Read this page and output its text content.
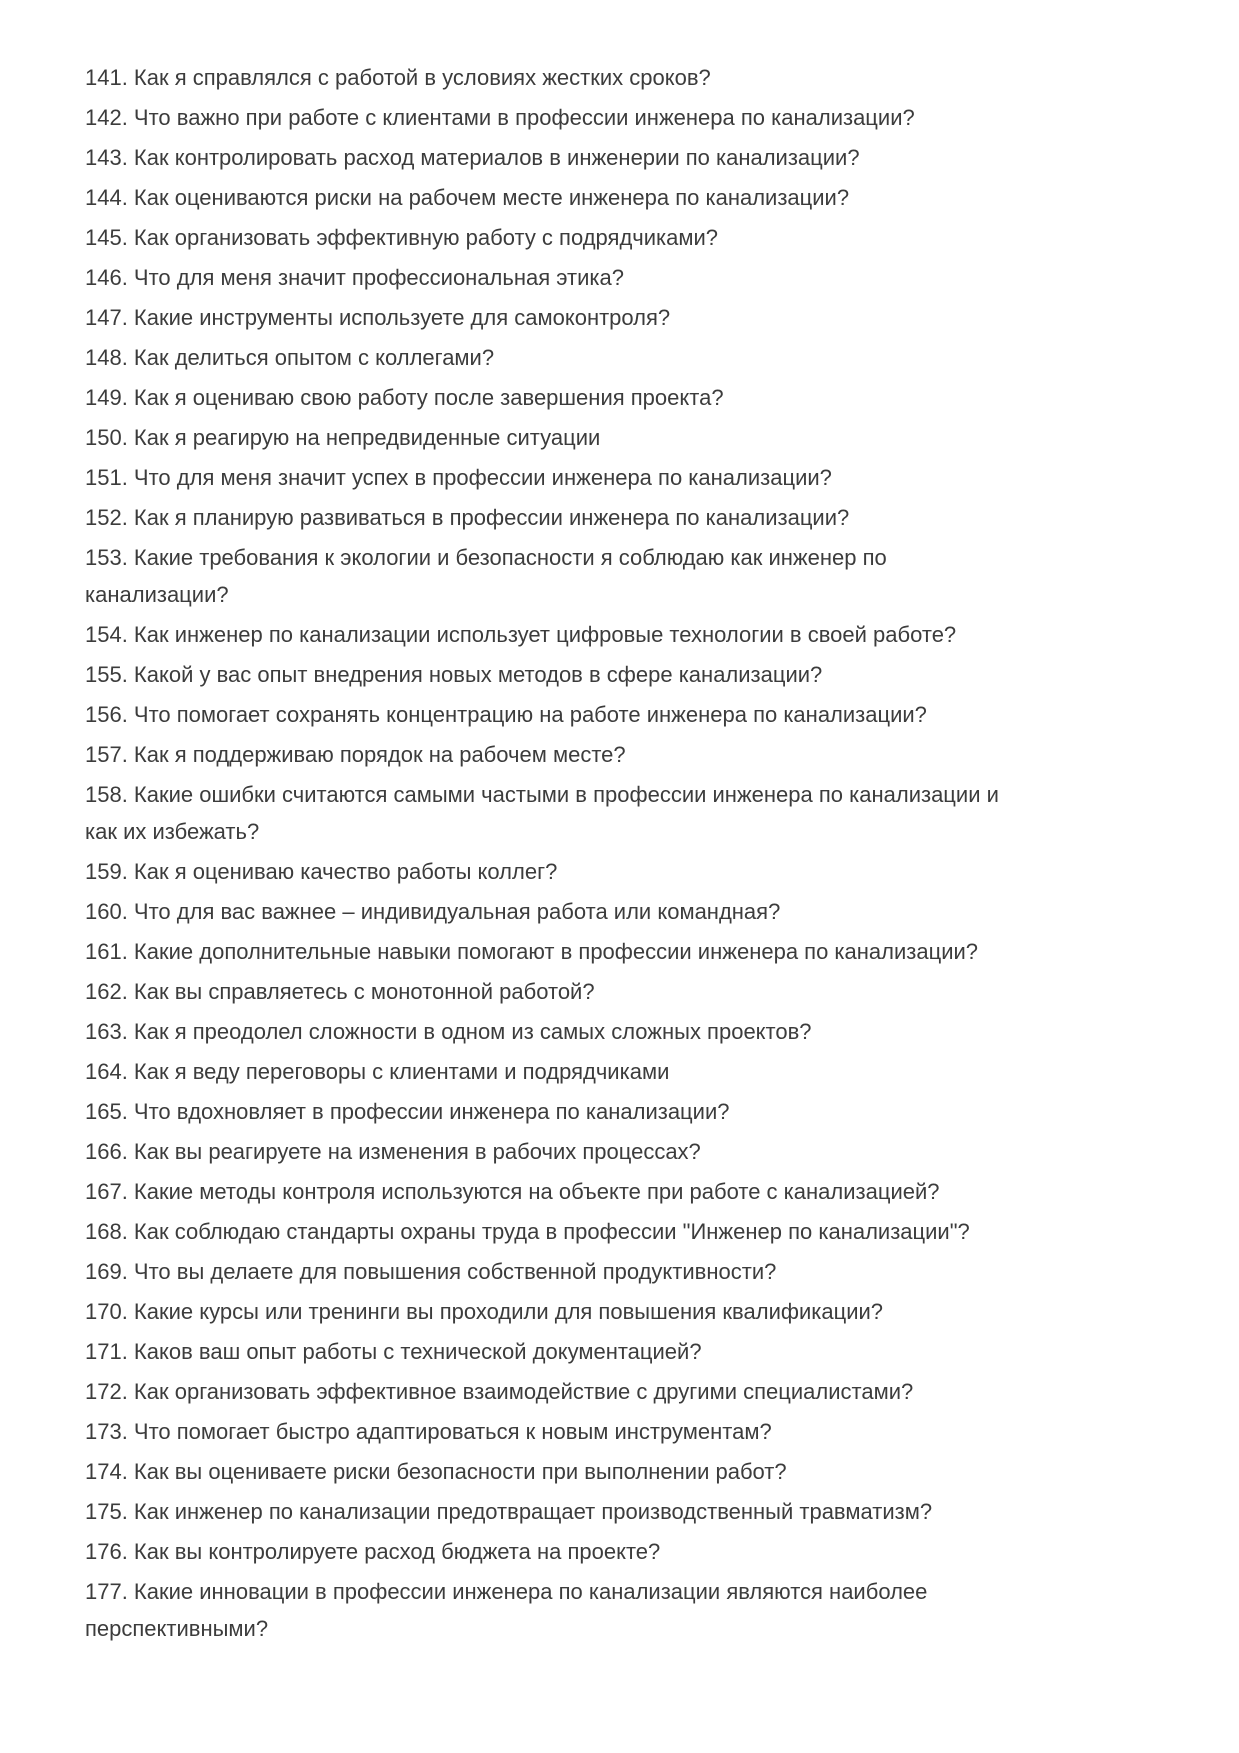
141. Как я справлялся с работой в условиях жестких сроков?

142. Что важно при работе с клиентами в профессии инженера по канализации?

143. Как контролировать расход материалов в инженерии по канализации?

144. Как оцениваются риски на рабочем месте инженера по канализации?

145. Как организовать эффективную работу с подрядчиками?

146. Что для меня значит профессиональная этика?

147. Какие инструменты используете для самоконтроля?

148. Как делиться опытом с коллегами?

149. Как я оцениваю свою работу после завершения проекта?

150. Как я реагирую на непредвиденные ситуации

151. Что для меня значит успех в профессии инженера по канализации?

152. Как я планирую развиваться в профессии инженера по канализации?

153. Какие требования к экологии и безопасности я соблюдаю как инженер по
канализации?

154. Как инженер по канализации использует цифровые технологии в своей работе?

155. Какой у вас опыт внедрения новых методов в сфере канализации?

156. Что помогает сохранять концентрацию на работе инженера по канализации?

157. Как я поддерживаю порядок на рабочем месте?

158. Какие ошибки считаются самыми частыми в профессии инженера по канализации и
как их избежать?

159. Как я оцениваю качество работы коллег?

160. Что для вас важнее – индивидуальная работа или командная?

161. Какие дополнительные навыки помогают в профессии инженера по канализации?

162. Как вы справляетесь с монотонной работой?

163. Как я преодолел сложности в одном из самых сложных проектов?

164. Как я веду переговоры с клиентами и подрядчиками

165. Что вдохновляет в профессии инженера по канализации?

166. Как вы реагируете на изменения в рабочих процессах?

167. Какие методы контроля используются на объекте при работе с канализацией?

168. Как соблюдаю стандарты охраны труда в профессии "Инженер по канализации"?

169. Что вы делаете для повышения собственной продуктивности?

170. Какие курсы или тренинги вы проходили для повышения квалификации?

171. Каков ваш опыт работы с технической документацией?

172. Как организовать эффективное взаимодействие с другими специалистами?

173. Что помогает быстро адаптироваться к новым инструментам?

174. Как вы оцениваете риски безопасности при выполнении работ?

175. Как инженер по канализации предотвращает производственный травматизм?

176. Как вы контролируете расход бюджета на проекте?

177. Какие инновации в профессии инженера по канализации являются наиболее
перспективными?
